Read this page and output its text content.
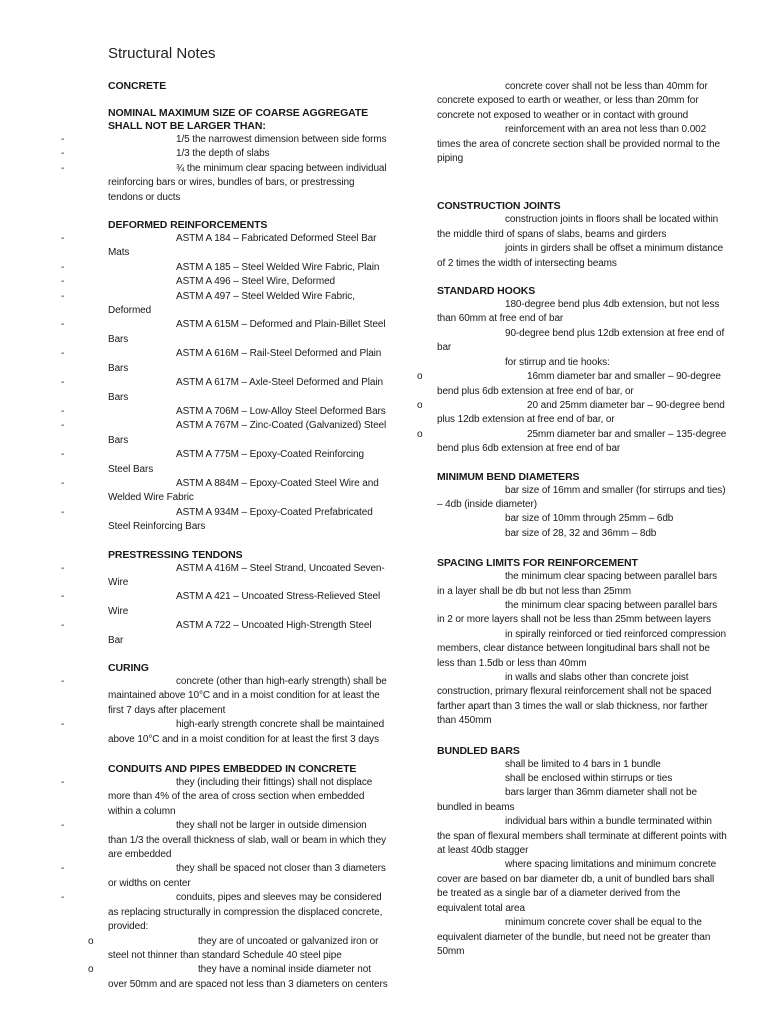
Structural Notes
CONCRETE
NOMINAL MAXIMUM SIZE OF COARSE AGGREGATE SHALL NOT BE LARGER THAN:
-	1/5 the narrowest dimension between side forms
-	1/3 the depth of slabs
-	¾ the minimum clear spacing between individual reinforcing bars or wires, bundles of bars, or prestressing tendons or ducts
DEFORMED REINFORCEMENTS
-	ASTM A 184 – Fabricated Deformed Steel Bar Mats
-	ASTM A 185 – Steel Welded Wire Fabric, Plain
-	ASTM A 496 – Steel Wire, Deformed
-	ASTM A 497 – Steel Welded Wire Fabric, Deformed
-	ASTM A 615M – Deformed and Plain-Billet Steel Bars
-	ASTM A 616M – Rail-Steel Deformed and Plain Bars
-	ASTM A 617M – Axle-Steel Deformed and Plain Bars
-	ASTM A 706M – Low-Alloy Steel Deformed Bars
-	ASTM A 767M – Zinc-Coated (Galvanized) Steel Bars
-	ASTM A 775M – Epoxy-Coated Reinforcing Steel Bars
-	ASTM A 884M – Epoxy-Coated Steel Wire and Welded Wire Fabric
-	ASTM A 934M – Epoxy-Coated Prefabricated Steel Reinforcing Bars
PRESTRESSING TENDONS
-	ASTM A 416M – Steel Strand, Uncoated Seven-Wire
-	ASTM A 421 – Uncoated Stress-Relieved Steel Wire
-	ASTM A 722 – Uncoated High-Strength Steel Bar
CURING
-	concrete (other than high-early strength) shall be maintained above 10°C and in a moist condition for at least the first 7 days after placement
-	high-early strength concrete shall be maintained above 10°C and in a moist condition for at least the first 3 days
CONDUITS AND PIPES EMBEDDED IN CONCRETE
-	they (including their fittings) shall not displace more than 4% of the area of cross section when embedded within a column
-	they shall not be larger in outside dimension than 1/3 the overall thickness of slab, wall or beam in which they are embedded
-	they shall be spaced not closer than 3 diameters or widths on center
-	conduits, pipes and sleeves may be considered as replacing structurally in compression the displaced concrete, provided:
o	they are of uncoated or galvanized iron or steel not thinner than standard Schedule 40 steel pipe
o	they have a nominal inside diameter not over 50mm and are spaced not less than 3 diameters on centers
concrete cover shall not be less than 40mm for concrete exposed to earth or weather, or less than 20mm for concrete not exposed to weather or in contact with ground
reinforcement with an area not less than 0.002 times the area of concrete section shall be provided normal to the piping
CONSTRUCTION JOINTS
construction joints in floors shall be located within the middle third of spans of slabs, beams and girders
joints in girders shall be offset a minimum distance of 2 times the width of intersecting beams
STANDARD HOOKS
180-degree bend plus 4db extension, but not less than 60mm at free end of bar
90-degree bend plus 12db extension at free end of bar
for stirrup and tie hooks:
o	16mm diameter bar and smaller – 90-degree bend plus 6db extension at free end of bar, or
o	20 and 25mm diameter bar – 90-degree bend plus 12db extension at free end of bar, or
o	25mm diameter bar and smaller – 135-degree bend plus 6db extension at free end of bar
MINIMUM BEND DIAMETERS
bar size of 16mm and smaller (for stirrups and ties) – 4db (inside diameter)
bar size of 10mm through 25mm – 6db
bar size of 28, 32 and 36mm – 8db
SPACING LIMITS FOR REINFORCEMENT
the minimum clear spacing between parallel bars in a layer shall be db but not less than 25mm
the minimum clear spacing between parallel bars in 2 or more layers shall not be less than 25mm between layers
in spirally reinforced or tied reinforced compression members, clear distance between longitudinal bars shall not be less than 1.5db or less than 40mm
in walls and slabs other than concrete joist construction, primary flexural reinforcement shall not be spaced farther apart than 3 times the wall or slab thickness, nor farther than 450mm
BUNDLED BARS
shall be limited to 4 bars in 1 bundle
shall be enclosed within stirrups or ties
bars larger than 36mm diameter shall not be bundled in beams
individual bars within a bundle terminated within the span of flexural members shall terminate at different points with at least 40db stagger
where spacing limitations and minimum concrete cover are based on bar diameter db, a unit of bundled bars shall be treated as a single bar of a diameter derived from the equivalent total area
minimum concrete cover shall be equal to the equivalent diameter of the bundle, but need not be greater than 50mm
